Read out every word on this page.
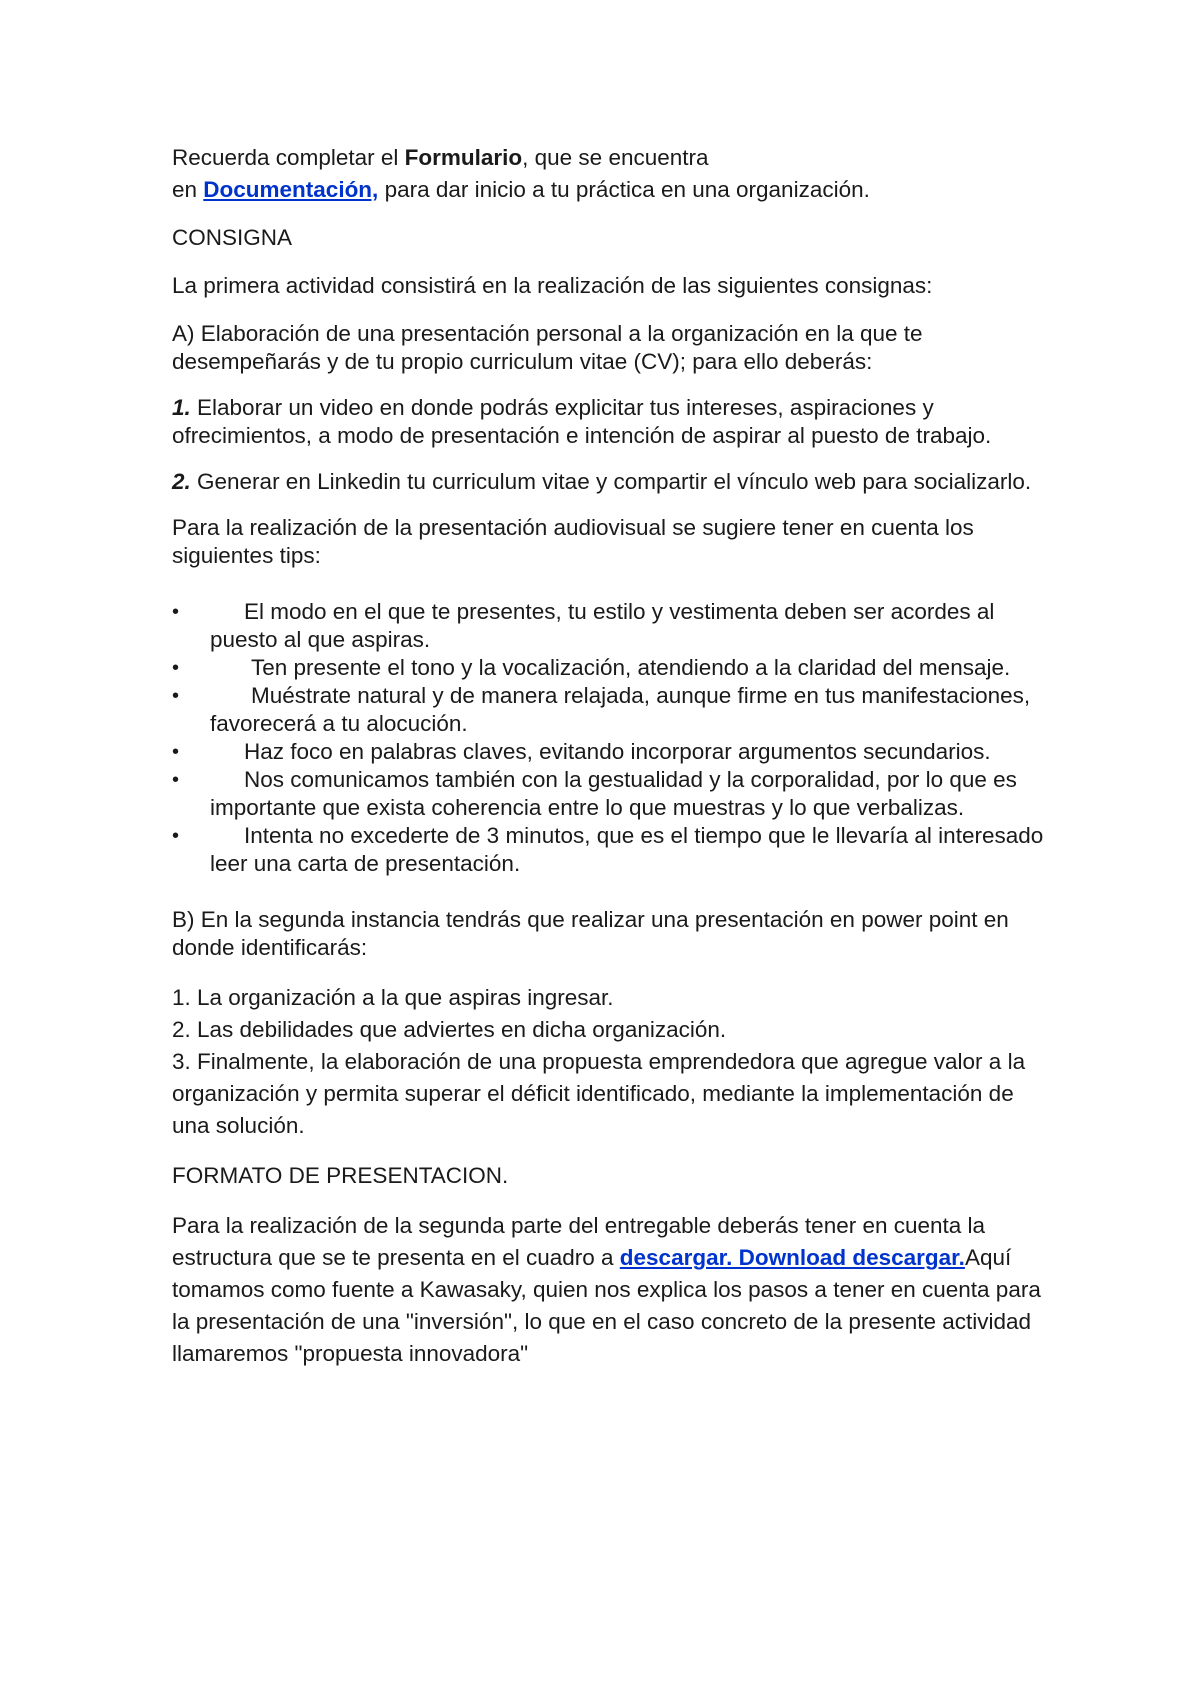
Recuerda completar el Formulario, que se encuentra
en Documentación, para dar inicio a tu práctica en una organización.

CONSIGNA

La primera actividad consistirá en la realización de las siguientes consignas:

A) Elaboración de una presentación personal a la organización en la que te desempeñarás y de tu propio curriculum vitae (CV); para ello deberás:

1. Elaborar un video en donde podrás explicitar tus intereses, aspiraciones y ofrecimientos, a modo de presentación e intención de aspirar al puesto de trabajo.

2. Generar en Linkedin tu curriculum vitae y compartir el vínculo web para socializarlo.

Para la realización de la presentación audiovisual se sugiere tener en cuenta los siguientes tips:

•	El modo en el que te presentes, tu estilo y vestimenta deben ser acordes al puesto al que aspiras.
•	Ten presente el tono y la vocalización, atendiendo a la claridad del mensaje.
•	Muéstrate natural y de manera relajada, aunque firme en tus manifestaciones, favorecerá a tu alocución.
•	Haz foco en palabras claves, evitando incorporar argumentos secundarios.
•	Nos comunicamos también con la gestualidad y la corporalidad, por lo que es importante que exista coherencia entre lo que muestras y lo que verbalizas.
•	Intenta no excederte de 3 minutos, que es el tiempo que le llevaría al interesado leer una carta de presentación.

B) En la segunda instancia tendrás que realizar una presentación en power point en donde identificarás:

1. La organización a la que aspiras ingresar.

2. Las debilidades que adviertes en dicha organización.

3. Finalmente, la elaboración de una propuesta emprendedora que agregue valor a la organización y permita superar el déficit identificado, mediante la implementación de una solución.

FORMATO DE PRESENTACION.

Para la realización de la segunda parte del entregable deberás tener en cuenta la estructura que se te presenta en el cuadro a descargar. Download descargar.Aquí tomamos como fuente a Kawasaky, quien nos explica los pasos a tener en cuenta para la presentación de una "inversión", lo que en el caso concreto de la presente actividad llamaremos "propuesta innovadora"
